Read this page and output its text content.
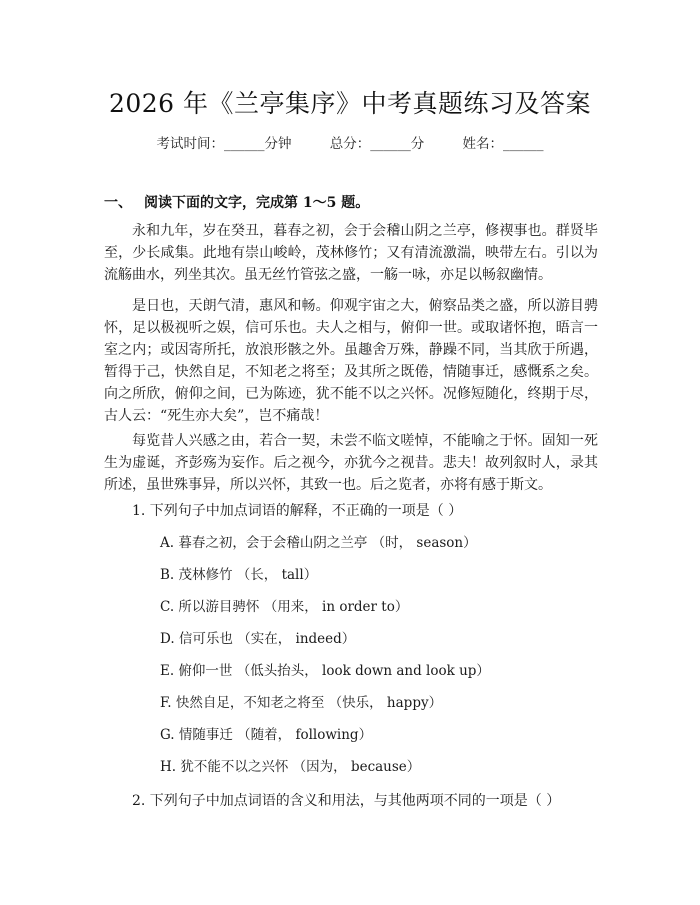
2026 年《兰亭集序》中考真题练习及答案
考试时间：______分钟	总分：______分	姓名：______
一、 阅读下面的文字，完成第 1～5 题。
永和九年，岁在癸丑，暮春之初，会于会稽山阴之兰亭，修禊事也。群贤毕至，少长咸集。此地有崇山峻岭，茂林修竹；又有清流激湍，映带左右。引以为流觞曲水，列坐其次。虽无丝竹管弦之盛，一觞一咏，亦足以畅叙幽情。
是日也，天朗气清，惠风和畅。仰观宇宙之大，俯察品类之盛，所以游目骋怀，足以极视听之娱，信可乐也。夫人之相与，俯仰一世。或取诸怀抱，晤言一室之内；或因寄所托，放浪形骸之外。虽趣舍万殊，静躁不同，当其欣于所遇，暂得于己，快然自足，不知老之将至；及其所之既倦，情随事迁，感慨系之矣。向之所欣，俯仰之间，已为陈迹，犹不能不以之兴怀。况修短随化，终期于尽，古人云：“死生亦大矣”，岂不痛哉！
每览昔人兴感之由，若合一契，未尝不临文嗟悼，不能喻之于怀。固知一死生为虚诞，齐彭殇为妄作。后之视今，亦犹今之视昔。悲夫！故列叙时人，录其所述，虽世殊事异，所以兴怀，其致一也。后之览者，亦将有感于斯文。
1. 下列句子中加点词语的解释，不正确的一项是（ ）
A. 暮春之初，会于会稽山阴之兰亭 （时， season）
B. 茂林修竹 （长， tall）
C. 所以游目骋怀 （用来， in order to）
D. 信可乐也 （实在， indeed）
E. 俯仰一世 （低头抬头， look down and look up）
F. 快然自足，不知老之将至 （快乐， happy）
G. 情随事迁 （随着， following）
H. 犹不能不以之兴怀 （因为， because）
2. 下列句子中加点词语的含义和用法，与其他两项不同的一项是（ ）
